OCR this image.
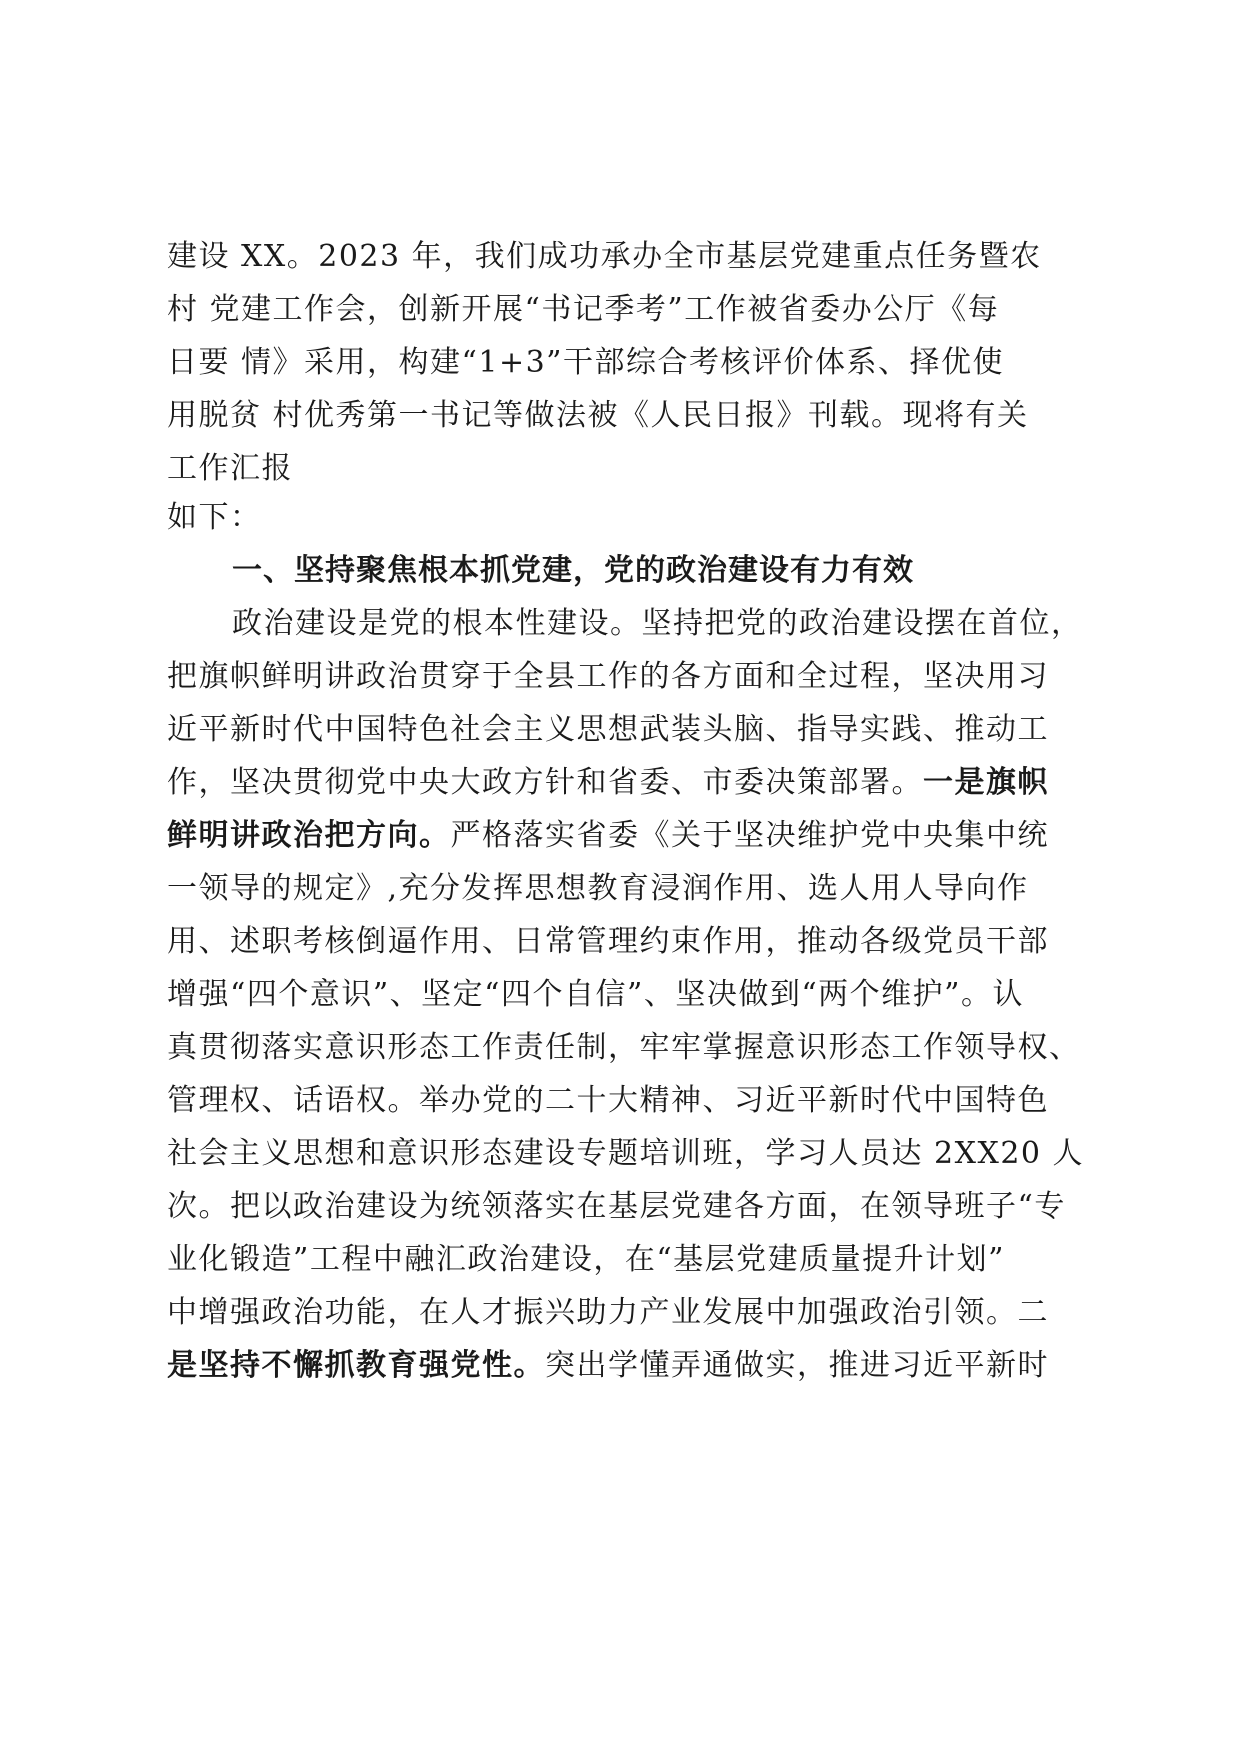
建设 XX。2023 年，我们成功承办全市基层党建重点任务暨农
村 党建工作会，创新开展“书记季考”工作被省委办公厅《每
日要 情》采用，构建“1+3”干部综合考核评价体系、择优使
用脱贫 村优秀第一书记等做法被《人民日报》刊载。现将有关
工作汇报
如下：
一、坚持聚焦根本抓党建，党的政治建设有力有效
政治建设是党的根本性建设。坚持把党的政治建设摆在首位，
把旗帜鲜明讲政治贯穿于全县工作的各方面和全过程，坚决用习
近平新时代中国特色社会主义思想武装头脑、指导实践、推动工
作，坚决贯彻党中央大政方针和省委、市委决策部署。一是旗帜
鲜明讲政治把方向。严格落实省委《关于坚决维护党中央集中统
一领导的规定》,充分发挥思想教育浸润作用、选人用人导向作
用、述职考核倒逼作用、日常管理约束作用，推动各级党员干部
增强“四个意识”、坚定“四个自信”、坚决做到“两个维护”。认
真贯彻落实意识形态工作责任制，牢牢掌握意识形态工作领导权、
管理权、话语权。举办党的二十大精神、习近平新时代中国特色
社会主义思想和意识形态建设专题培训班，学习人员达 2XX20 人
次。把以政治建设为统领落实在基层党建各方面，在领导班子“专
业化锻造”工程中融汇政治建设，在“基层党建质量提升计划”
中增强政治功能，在人才振兴助力产业发展中加强政治引领。二
是坚持不懈抓教育强党性。突出学懂弄通做实，推进习近平新时
